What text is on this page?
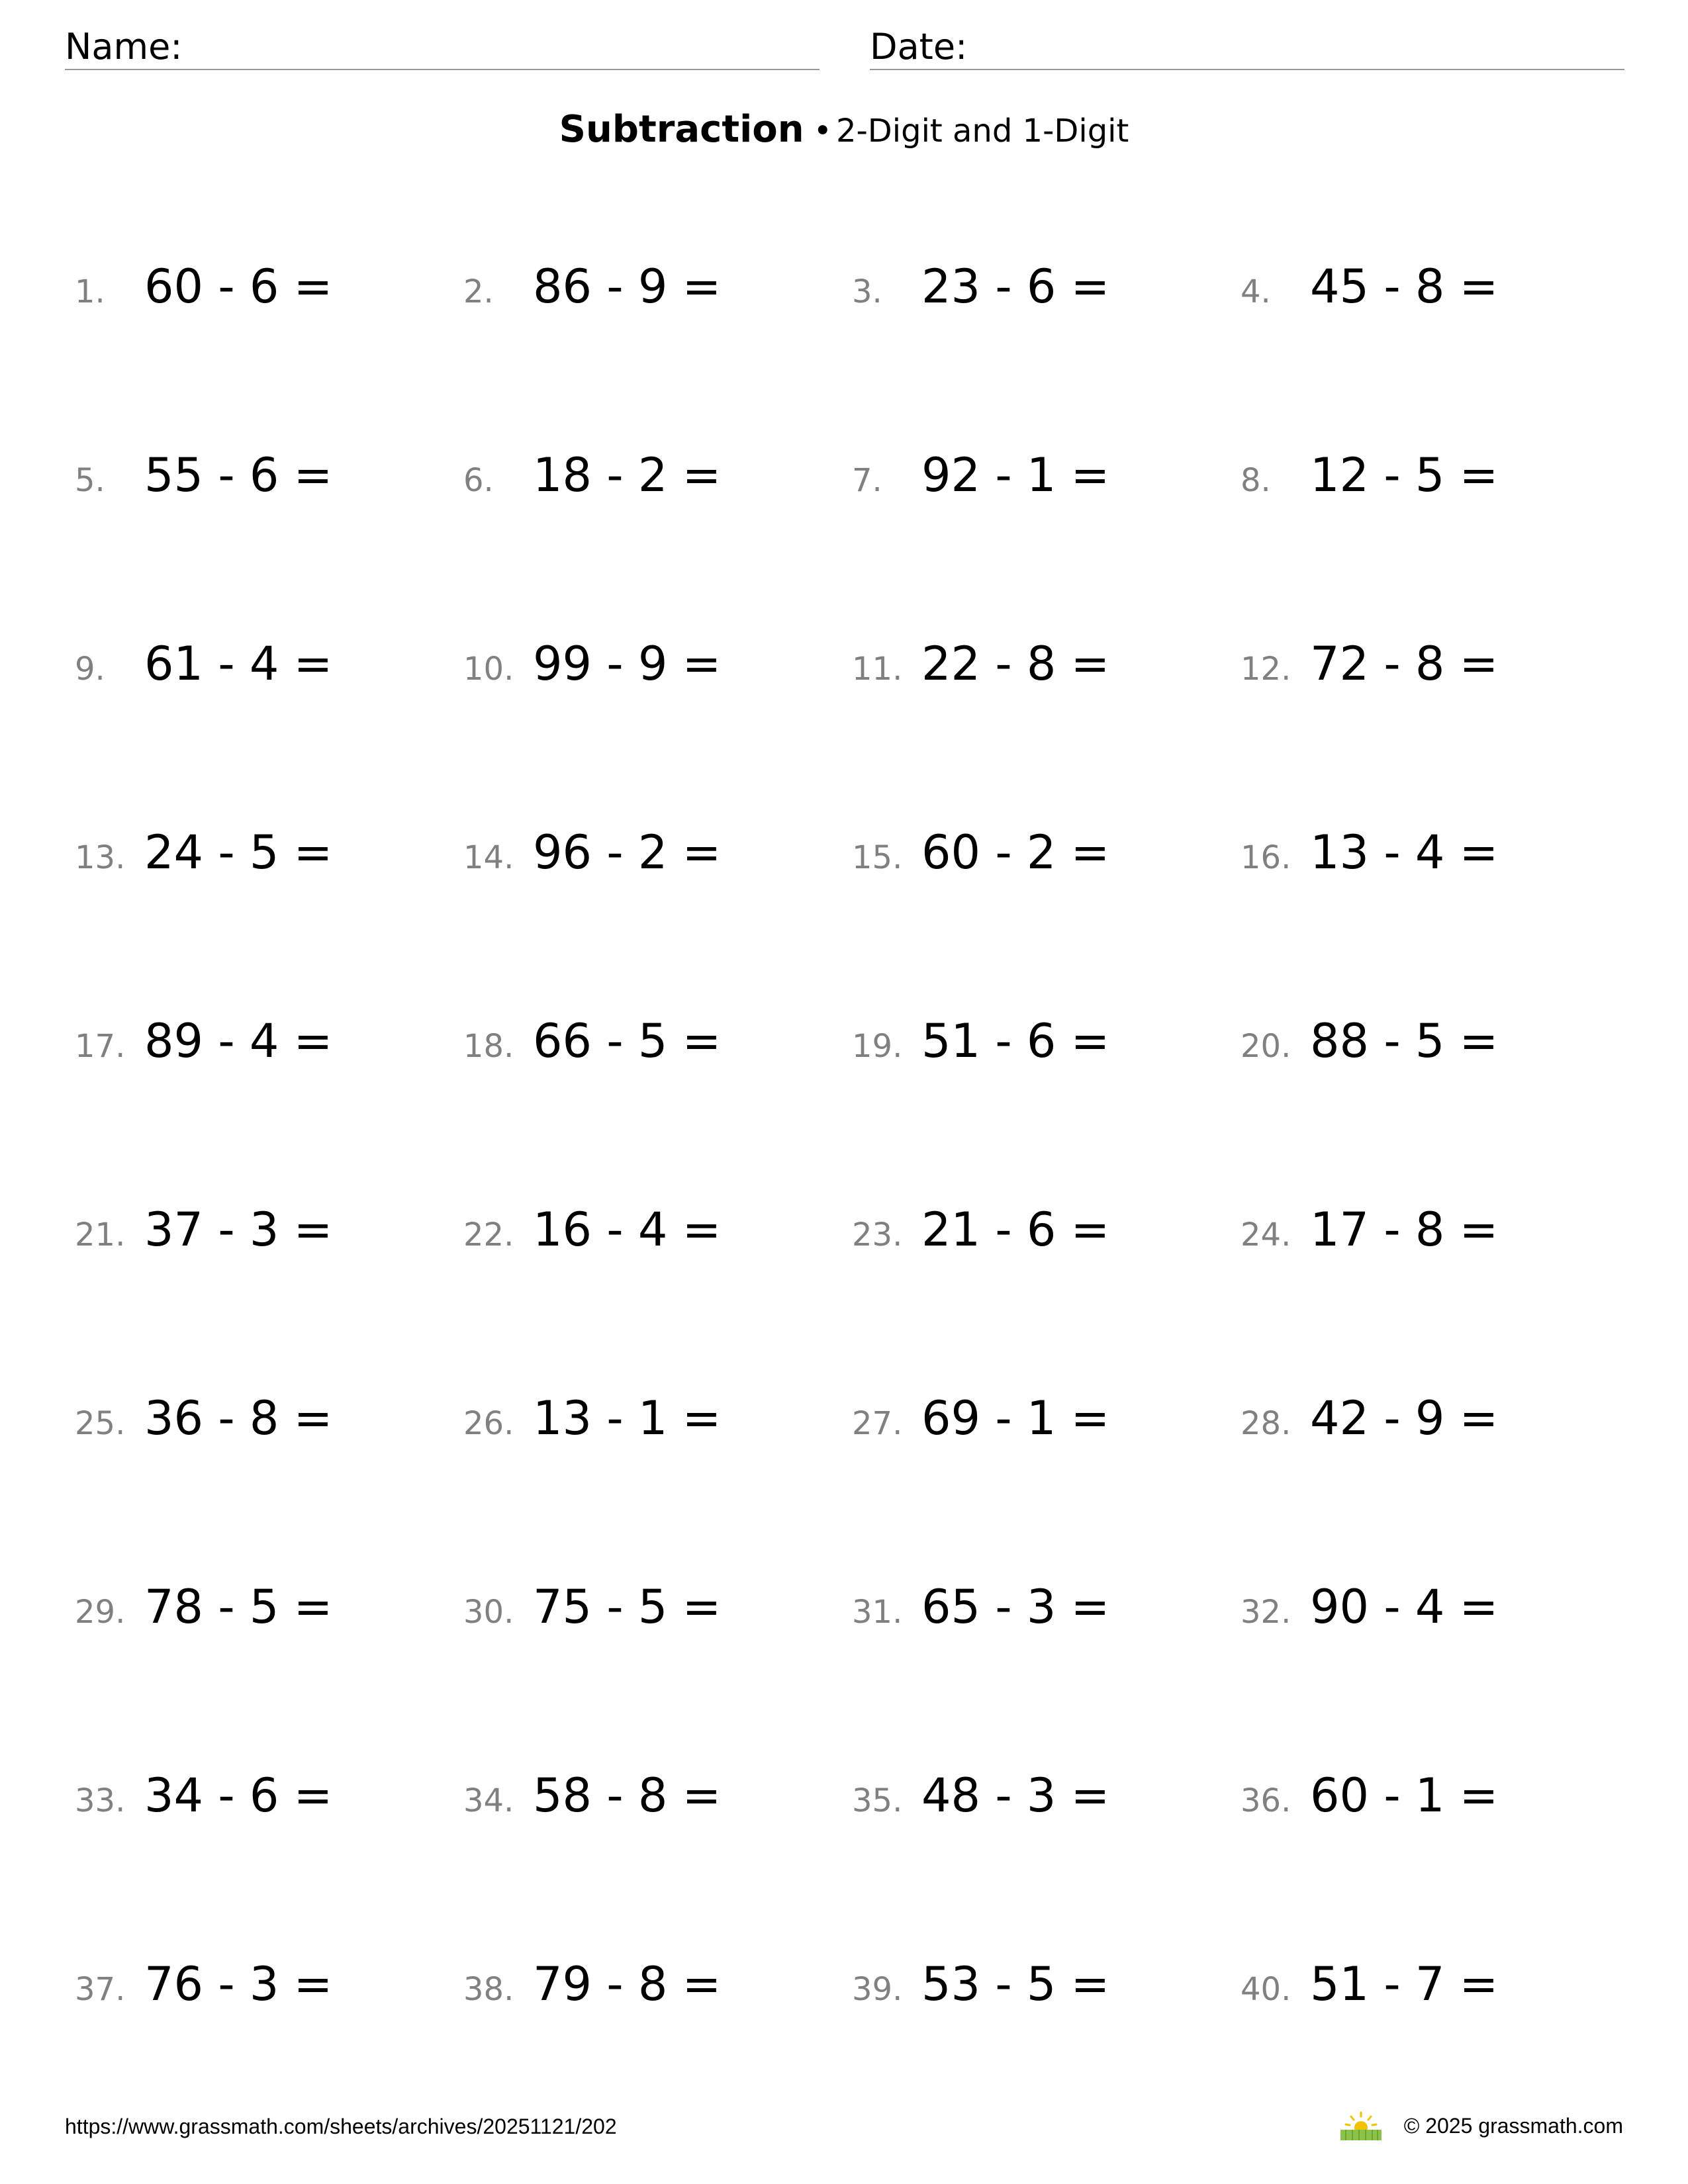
Name:	Date:
Subtraction • 2-Digit and 1-Digit
1. 60 - 6 =	2. 86 - 9 =	3. 23 - 6 =	4. 45 - 8 =
5. 55 - 6 =	6. 18 - 2 =	7. 92 - 1 =	8. 12 - 5 =
9. 61 - 4 =	10. 99 - 9 =	11. 22 - 8 =	12. 72 - 8 =
13. 24 - 5 =	14. 96 - 2 =	15. 60 - 2 =	16. 13 - 4 =
17. 89 - 4 =	18. 66 - 5 =	19. 51 - 6 =	20. 88 - 5 =
21. 37 - 3 =	22. 16 - 4 =	23. 21 - 6 =	24. 17 - 8 =
25. 36 - 8 =	26. 13 - 1 =	27. 69 - 1 =	28. 42 - 9 =
29. 78 - 5 =	30. 75 - 5 =	31. 65 - 3 =	32. 90 - 4 =
33. 34 - 6 =	34. 58 - 8 =	35. 48 - 3 =	36. 60 - 1 =
37. 76 - 3 =	38. 79 - 8 =	39. 53 - 5 =	40. 51 - 7 =
https://www.grassmath.com/sheets/archives/20251121/202	© 2025 grassmath.com
